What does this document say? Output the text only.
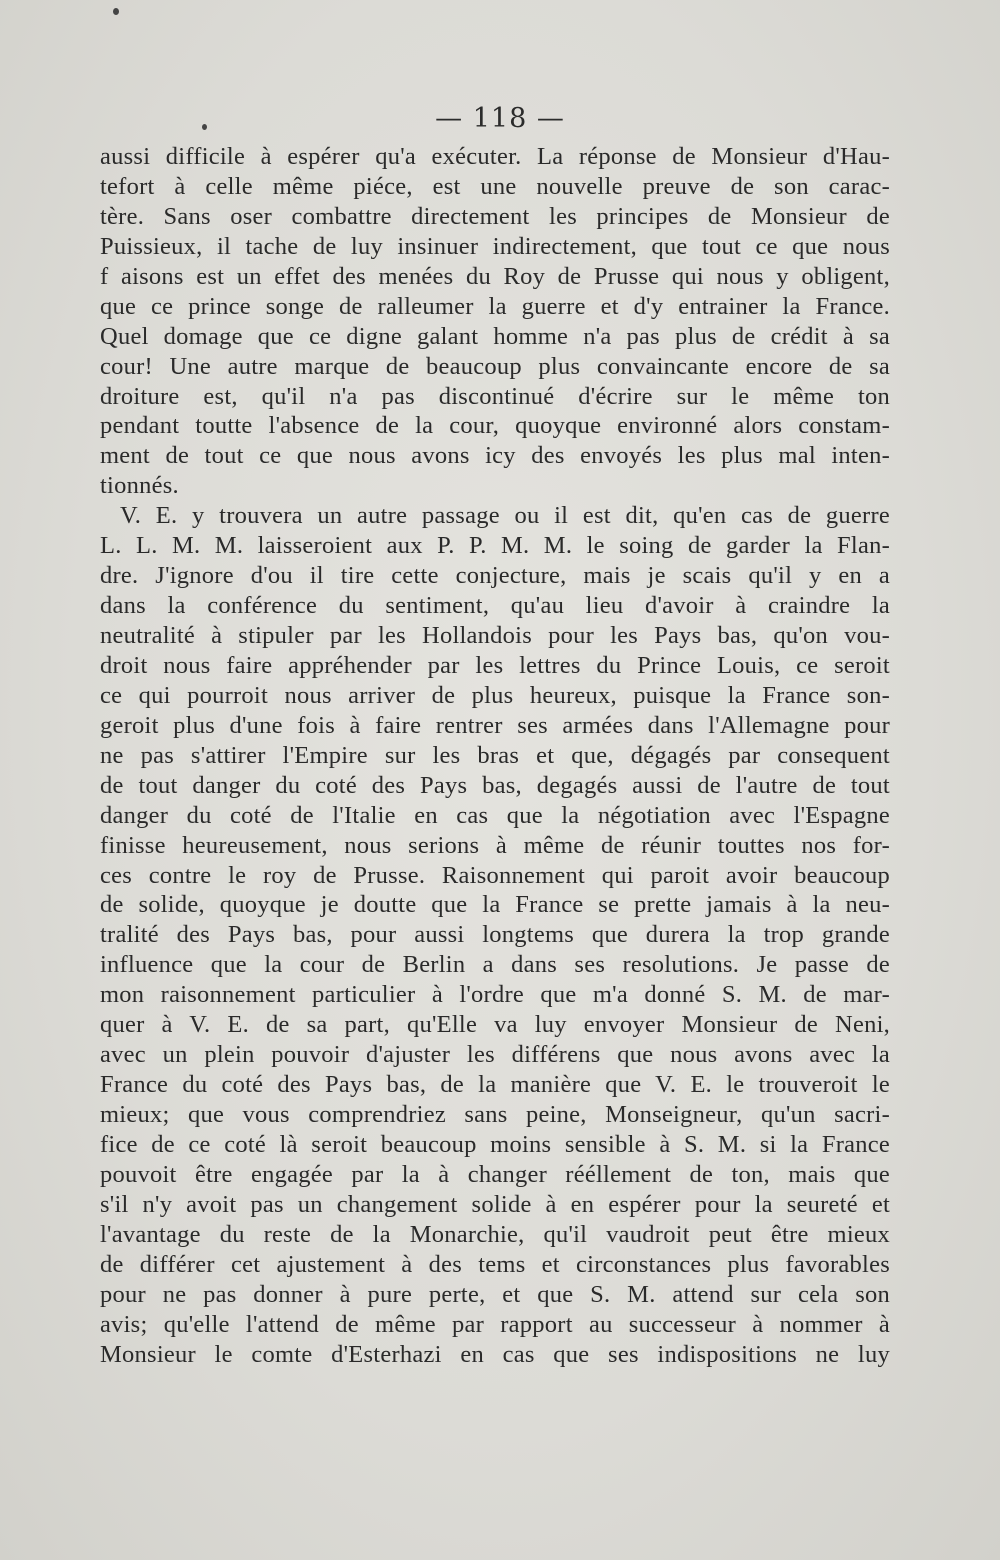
— 118 —
aussi difficile à espérer qu'a exécuter. La réponse de Monsieur d'Hau-
tefort à celle même piéce, est une nouvelle preuve de son carac-
tère. Sans oser combattre directement les principes de Monsieur de
Puissieux, il tache de luy insinuer indirectement, que tout ce que nous
f aisons est un effet des menées du Roy de Prusse qui nous y obligent,
que ce prince songe de ralleumer la guerre et d'y entrainer la France.
Quel domage que ce digne galant homme n'a pas plus de crédit à sa
cour! Une autre marque de beaucoup plus convaincante encore de sa
droiture est, qu'il n'a pas discontinué d'écrire sur le même ton
pendant toutte l'absence de la cour, quoyque environné alors constam-
ment de tout ce que nous avons icy des envoyés les plus mal inten-
tionnés.
V. E. y trouvera un autre passage ou il est dit, qu'en cas de guerre
L. L. M. M. laisseroient aux P. P. M. M. le soing de garder la Flan-
dre. J'ignore d'ou il tire cette conjecture, mais je scais qu'il y en a
dans la conférence du sentiment, qu'au lieu d'avoir à craindre la
neutralité à stipuler par les Hollandois pour les Pays bas, qu'on vou-
droit nous faire appréhender par les lettres du Prince Louis, ce seroit
ce qui pourroit nous arriver de plus heureux, puisque la France son-
geroit plus d'une fois à faire rentrer ses armées dans l'Allemagne pour
ne pas s'attirer l'Empire sur les bras et que, dégagés par consequent
de tout danger du coté des Pays bas, degagés aussi de l'autre de tout
danger du coté de l'Italie en cas que la négotiation avec l'Espagne
finisse heureusement, nous serions à même de réunir touttes nos for-
ces contre le roy de Prusse. Raisonnement qui paroit avoir beaucoup
de solide, quoyque je doutte que la France se prette jamais à la neu-
tralité des Pays bas, pour aussi longtems que durera la trop grande
influence que la cour de Berlin a dans ses resolutions. Je passe de
mon raisonnement particulier à l'ordre que m'a donné S. M. de mar-
quer à V. E. de sa part, qu'Elle va luy envoyer Monsieur de Neni,
avec un plein pouvoir d'ajuster les différens que nous avons avec la
France du coté des Pays bas, de la manière que V. E. le trouveroit le
mieux; que vous comprendriez sans peine, Monseigneur, qu'un sacri-
fice de ce coté là seroit beaucoup moins sensible à S. M. si la France
pouvoit être engagée par la à changer rééllement de ton, mais que
s'il n'y avoit pas un changement solide à en espérer pour la seureté et
l'avantage du reste de la Monarchie, qu'il vaudroit peut être mieux
de différer cet ajustement à des tems et circonstances plus favorables
pour ne pas donner à pure perte, et que S. M. attend sur cela son
avis; qu'elle l'attend de même par rapport au successeur à nommer à
Monsieur le comte d'Esterhazi en cas que ses indispositions ne luy
